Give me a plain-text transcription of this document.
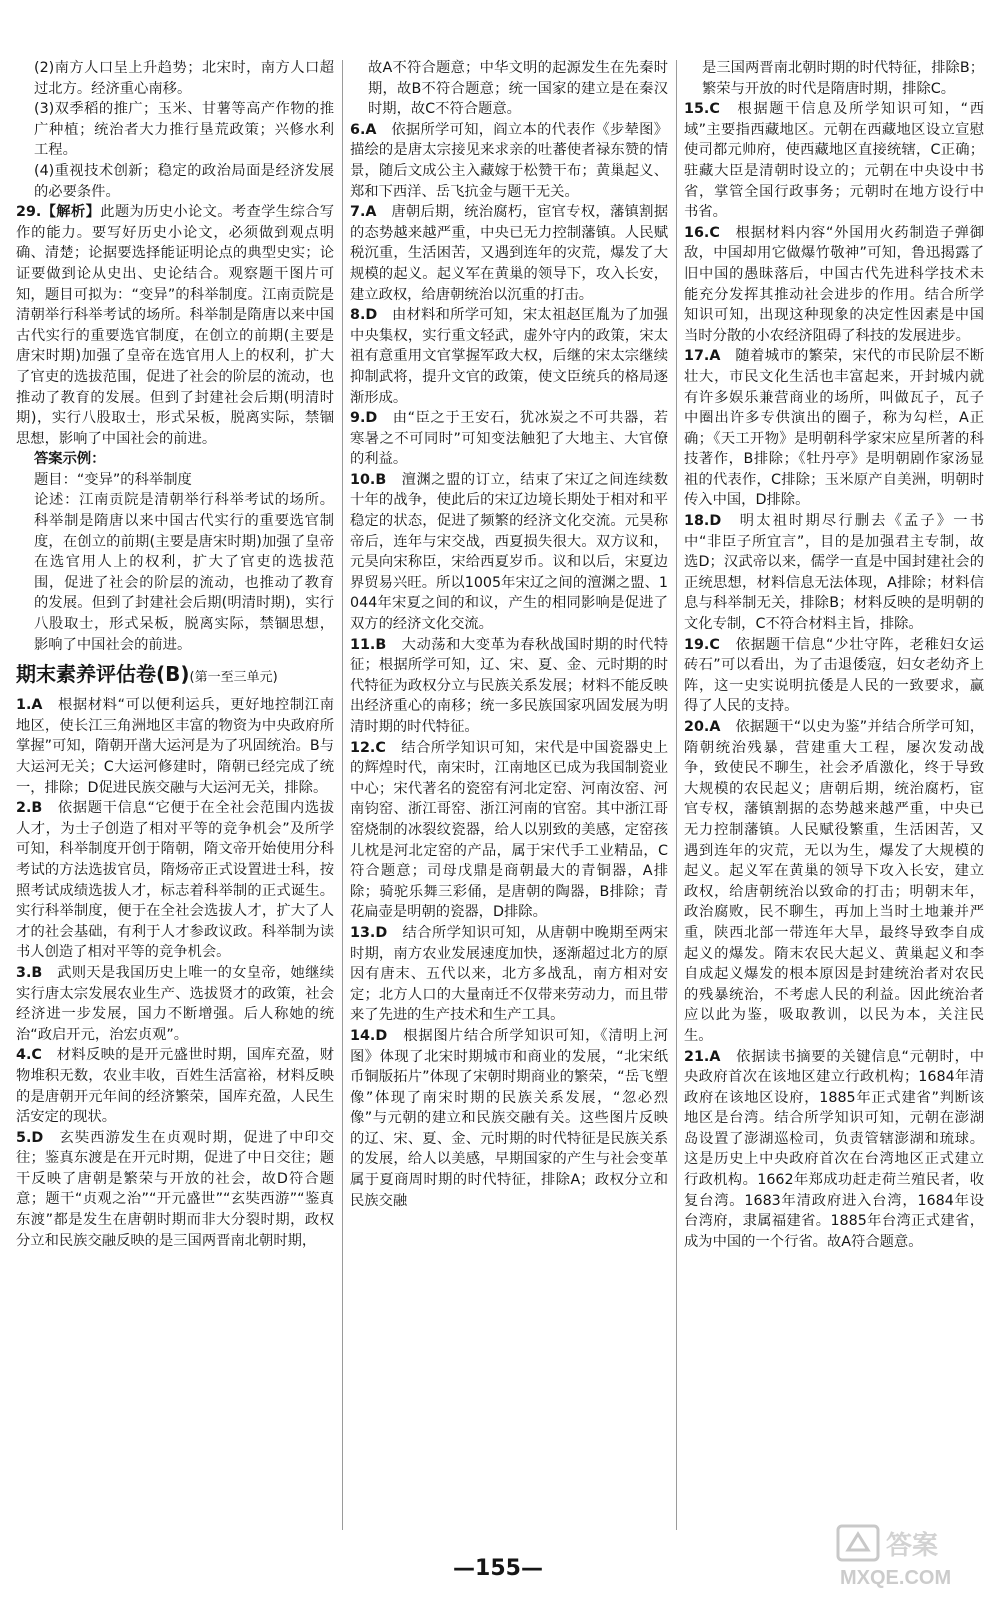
(2)南方人口呈上升趋势；北宋时，南方人口超过北方。经济重心南移。

(3)双季稻的推广；玉米、甘薯等高产作物的推广种植；统治者大力推行垦荒政策；兴修水利工程。

(4)重视技术创新；稳定的政治局面是经济发展的必要条件。

29.【解析】此题为历史小论文。考查学生综合写作的能力。要写好历史小论文，必须做到观点明确、清楚；论据要选择能证明论点的典型史实；论证要做到论从史出、史论结合。观察题干图片可知，题目可拟为：“变异”的科举制度。江南贡院是清朝举行科举考试的场所。科举制是隋唐以来中国古代实行的重要选官制度，在创立的前期(主要是唐宋时期)加强了皇帝在选官用人上的权利，扩大了官吏的选拔范围，促进了社会的阶层的流动，也推动了教育的发展。但到了封建社会后期(明清时期)，实行八股取士，形式呆板，脱离实际，禁锢思想，影响了中国社会的前进。

答案示例：

题目：“变异”的科举制度

论述：江南贡院是清朝举行科举考试的场所。科举制是隋唐以来中国古代实行的重要选官制度，在创立的前期(主要是唐宋时期)加强了皇帝在选官用人上的权利，扩大了官吏的选拔范围，促进了社会的阶层的流动，也推动了教育的发展。但到了封建社会后期(明清时期)，实行八股取士，形式呆板，脱离实际，禁锢思想，影响了中国社会的前进。

期末素养评估卷(B)(第一至三单元)

1.A　 根据材料“可以便利运兵，更好地控制江南地区，使长江三角洲地区丰富的物资为中央政府所掌握”可知，隋朝开凿大运河是为了巩固统治。B与大运河无关；C大运河修建时，隋朝已经完成了统一，排除；D促进民族交融与大运河无关，排除。

2.B　 依据题干信息“它便于在全社会范围内选拔人才，为士子创造了相对平等的竞争机会”及所学可知，科举制度开创于隋朝，隋文帝开始使用分科考试的方法选拔官员，隋炀帝正式设置进士科，按照考试成绩选拔人才，标志着科举制的正式诞生。实行科举制度，便于在全社会选拔人才，扩大了人才的社会基础，有利于人才参政议政。科举制为读书人创造了相对平等的竞争机会。

3.B　 武则天是我国历史上唯一的女皇帝，她继续实行唐太宗发展农业生产、选拔贤才的政策，社会经济进一步发展，国力不断增强。后人称她的统治“政启开元，治宏贞观”。

4.C　 材料反映的是开元盛世时期，国库充盈，财物堆积无数，农业丰收，百姓生活富裕，材料反映的是唐朝开元年间的经济繁荣，国库充盈，人民生活安定的现状。

5.D　 玄奘西游发生在贞观时期，促进了中印交往；鉴真东渡是在开元时期，促进了中日交往；题干反映了唐朝是繁荣与开放的社会，故D符合题意；题干“贞观之治”“开元盛世”“玄奘西游”“鉴真东渡”都是发生在唐朝时期而非大分裂时期，政权分立和民族交融反映的是三国两晋南北朝时期，

故A不符合题意；中华文明的起源发生在先秦时期，故B不符合题意；统一国家的建立是在秦汉时期，故C不符合题意。

6.A　 依据所学可知，阎立本的代表作《步辇图》描绘的是唐太宗接见来求亲的吐蕃使者禄东赞的情景，随后文成公主入藏嫁于松赞干布；黄巢起义、郑和下西洋、岳飞抗金与题干无关。

7.A　 唐朝后期，统治腐朽，宦官专权，藩镇割据的态势越来越严重，中央已无力控制藩镇。人民赋税沉重，生活困苦，又遇到连年的灾荒，爆发了大规模的起义。起义军在黄巢的领导下，攻入长安，建立政权，给唐朝统治以沉重的打击。

8.D　 由材料和所学可知，宋太祖赵匡胤为了加强中央集权，实行重文轻武，虚外守内的政策，宋太祖有意重用文官掌握军政大权，后继的宋太宗继续抑制武将，提升文官的政策，使文臣统兵的格局逐渐形成。

9.D　 由“臣之于王安石，犹冰炭之不可共器，若寒暑之不可同时”可知变法触犯了大地主、大官僚的利益。

10.B　 澶渊之盟的订立，结束了宋辽之间连续数十年的战争，使此后的宋辽边境长期处于相对和平稳定的状态，促进了频繁的经济文化交流。元昊称帝后，连年与宋交战，西夏损失很大。双方议和，元昊向宋称臣，宋给西夏岁币。议和以后，宋夏边界贸易兴旺。所以1005年宋辽之间的澶渊之盟、1044年宋夏之间的和议，产生的相同影响是促进了双方的经济文化交流。

11.B　 大动荡和大变革为春秋战国时期的时代特征；根据所学可知，辽、宋、夏、金、元时期的时代特征为政权分立与民族关系发展；材料不能反映出经济重心的南移；统一多民族国家巩固发展为明清时期的时代特征。

12.C　 结合所学知识可知，宋代是中国瓷器史上的辉煌时代，南宋时，江南地区已成为我国制瓷业中心；宋代著名的瓷窑有河北定窑、河南汝窑、河南钧窑、浙江哥窑、浙江河南的官窑。其中浙江哥窑烧制的冰裂纹瓷器，给人以别致的美感，定窑孩儿枕是河北定窑的产品，属于宋代手工业精品，C符合题意；司母戊鼎是商朝最大的青铜器，A排除；骑驼乐舞三彩俑，是唐朝的陶器，B排除；青花扁壶是明朝的瓷器，D排除。

13.D　 结合所学知识可知，从唐朝中晚期至两宋时期，南方农业发展速度加快，逐渐超过北方的原因有唐末、五代以来，北方多战乱，南方相对安定；北方人口的大量南迁不仅带来劳动力，而且带来了先进的生产技术和生产工具。

14.D　 根据图片结合所学知识可知，《清明上河图》体现了北宋时期城市和商业的发展，“北宋纸币铜版拓片”体现了宋朝时期商业的繁荣，“岳飞塑像”体现了南宋时期的民族关系发展，“忽必烈像”与元朝的建立和民族交融有关。这些图片反映的辽、宋、夏、金、元时期的时代特征是民族关系的发展，给人以美感，早期国家的产生与社会变革属于夏商周时期的时代特征，排除A；政权分立和民族交融

是三国两晋南北朝时期的时代特征，排除B；繁荣与开放的时代是隋唐时期，排除C。

15.C　 根据题干信息及所学知识可知，“西域”主要指西藏地区。元朝在西藏地区设立宣慰使司都元帅府，使西藏地区直接统辖，C正确；驻藏大臣是清朝时设立的；元朝在中央设中书省，掌管全国行政事务；元朝时在地方设行中书省。

16.C　 根据材料内容“外国用火药制造子弹御敌，中国却用它做爆竹敬神”可知，鲁迅揭露了旧中国的愚昧落后，中国古代先进科学技术未能充分发挥其推动社会进步的作用。结合所学知识可知，出现这种现象的决定性因素是中国当时分散的小农经济阻碍了科技的发展进步。

17.A　 随着城市的繁荣，宋代的市民阶层不断壮大，市民文化生活也丰富起来，开封城内就有许多娱乐兼营商业的场所，叫做瓦子，瓦子中圈出许多专供演出的圈子，称为勾栏，A正确；《天工开物》是明朝科学家宋应星所著的科技著作，B排除；《牡丹亭》是明朝剧作家汤显祖的代表作，C排除；玉米原产自美洲，明朝时传入中国，D排除。

18.D　 明太祖时期尽行删去《孟子》一书中“非臣子所宜言”，目的是加强君主专制，故选D；汉武帝以来，儒学一直是中国封建社会的正统思想，材料信息无法体现，A排除；材料信息与科举制无关，排除B；材料反映的是明朝的文化专制，C不符合材料主旨，排除。

19.C　 依据题干信息“少壮守阵，老稚妇女运砖石”可以看出，为了击退倭寇，妇女老幼齐上阵，这一史实说明抗倭是人民的一致要求，赢得了人民的支持。

20.A　 依据题干“以史为鉴”并结合所学可知，隋朝统治残暴，营建重大工程，屡次发动战争，致使民不聊生，社会矛盾激化，终于导致大规模的农民起义；唐朝后期，统治腐朽，宦官专权，藩镇割据的态势越来越严重，中央已无力控制藩镇。人民赋役繁重，生活困苦，又遇到连年的灾荒，无以为生，爆发了大规模的起义。起义军在黄巢的领导下攻入长安，建立政权，给唐朝统治以致命的打击；明朝末年，政治腐败，民不聊生，再加上当时土地兼并严重，陕西北部一带连年大旱，最终导致李自成起义的爆发。隋末农民大起义、黄巢起义和李自成起义爆发的根本原因是封建统治者对农民的残暴统治，不考虑人民的利益。因此统治者应以此为鉴，吸取教训，以民为本，关注民生。

21.A　 依据读书摘要的关键信息“元朝时，中央政府首次在该地区建立行政机构；1684年清政府在该地区设府，1885年正式建省”判断该地区是台湾。结合所学知识可知，元朝在澎湖岛设置了澎湖巡检司，负责管辖澎湖和琉球。这是历史上中央政府首次在台湾地区正式建立行政机构。1662年郑成功赶走荷兰殖民者，收复台湾。1683年清政府进入台湾，1684年设台湾府，隶属福建省。1885年台湾正式建省，成为中国的一个行省。故A符合题意。

答案
MXQE.COM
—155—
